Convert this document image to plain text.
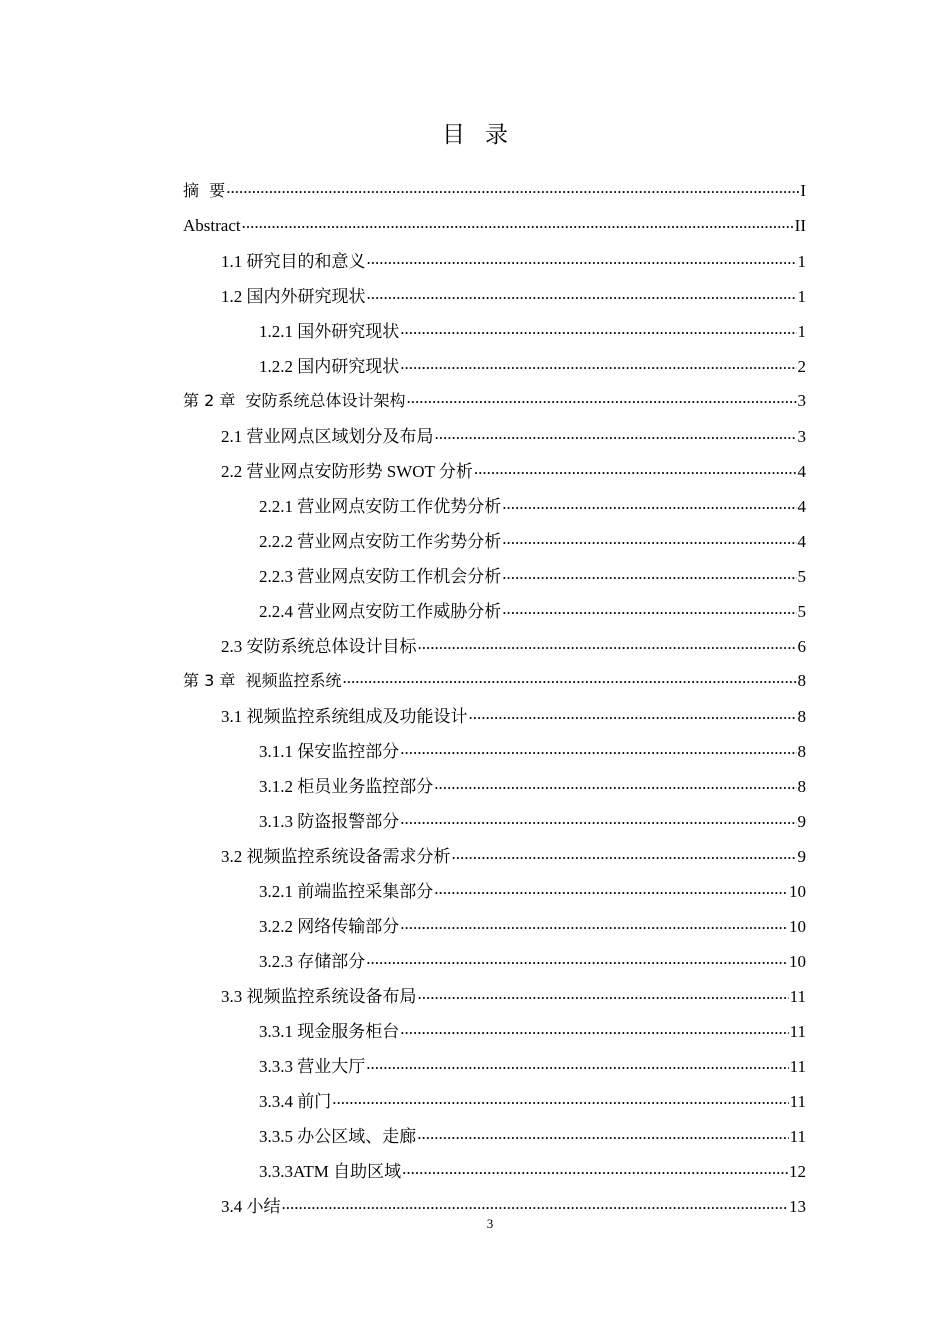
目 录
摘  要 .....	I
Abstract .....	II
1.1 研究目的和意义 .....	1
1.2 国内外研究现状 .....	1
1.2.1 国外研究现状 .....	1
1.2.2 国内研究现状 .....	2
第 2 章  安防系统总体设计架构 .....	3
2.1 营业网点区域划分及布局 .....	3
2.2 营业网点安防形势 SWOT 分析 .....	4
2.2.1 营业网点安防工作优势分析 .....	4
2.2.2 营业网点安防工作劣势分析 .....	4
2.2.3 营业网点安防工作机会分析 .....	5
2.2.4 营业网点安防工作威胁分析 .....	5
2.3 安防系统总体设计目标 .....	6
第 3 章  视频监控系统 .....	8
3.1 视频监控系统组成及功能设计 .....	8
3.1.1 保安监控部分 .....	8
3.1.2 柜员业务监控部分 .....	8
3.1.3 防盗报警部分 .....	9
3.2 视频监控系统设备需求分析 .....	9
3.2.1 前端监控采集部分 .....	10
3.2.2 网络传输部分 .....	10
3.2.3 存储部分 .....	10
3.3 视频监控系统设备布局 .....	11
3.3.1 现金服务柜台 .....	11
3.3.3 营业大厅 .....	11
3.3.4 前门 .....	11
3.3.5 办公区域、走廊 .....	11
3.3.3ATM 自助区域 .....	12
3.4 小结 .....	13
3
